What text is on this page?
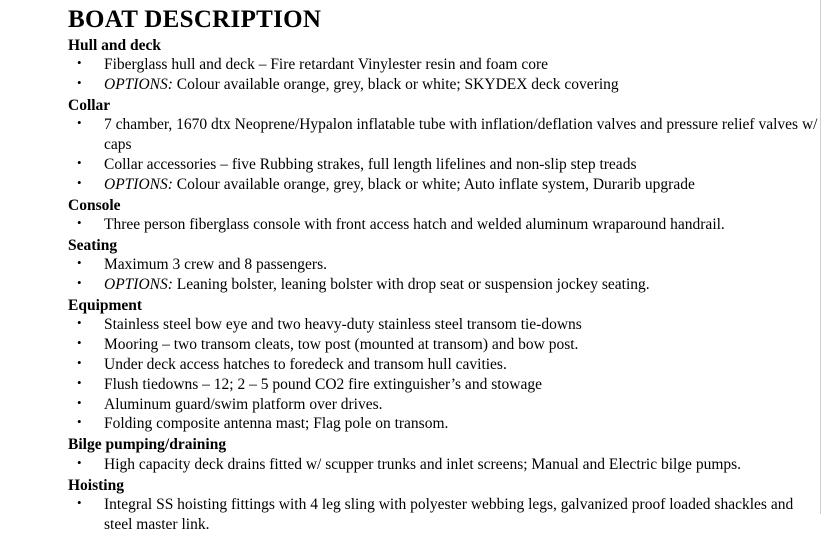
BOAT DESCRIPTION
Hull and deck
• Fiberglass hull and deck – Fire retardant Vinylester resin and foam core
• OPTIONS: Colour available orange, grey, black or white; SKYDEX deck covering
Collar
• 7 chamber, 1670 dtx Neoprene/Hypalon inflatable tube with inflation/deflation valves and pressure relief valves w/ caps
• Collar accessories – five Rubbing strakes, full length lifelines and non-slip step treads
• OPTIONS: Colour available orange, grey, black or white; Auto inflate system, Durarib upgrade
Console
• Three person fiberglass console with front access hatch and welded aluminum wraparound handrail.
Seating
• Maximum 3 crew and 8 passengers.
• OPTIONS: Leaning bolster, leaning bolster with drop seat or suspension jockey seating.
Equipment
• Stainless steel bow eye and two heavy-duty stainless steel transom tie-downs
• Mooring – two transom cleats, tow post (mounted at transom) and bow post.
• Under deck access hatches to foredeck and transom hull cavities.
• Flush tiedowns – 12; 2 – 5 pound CO2 fire extinguisher’s and stowage
• Aluminum guard/swim platform over drives.
• Folding composite antenna mast; Flag pole on transom.
Bilge pumping/draining
• High capacity deck drains fitted w/ scupper trunks and inlet screens; Manual and Electric bilge pumps.
Hoisting
• Integral SS hoisting fittings with 4 leg sling with polyester webbing legs, galvanized proof loaded shackles and steel master link.
